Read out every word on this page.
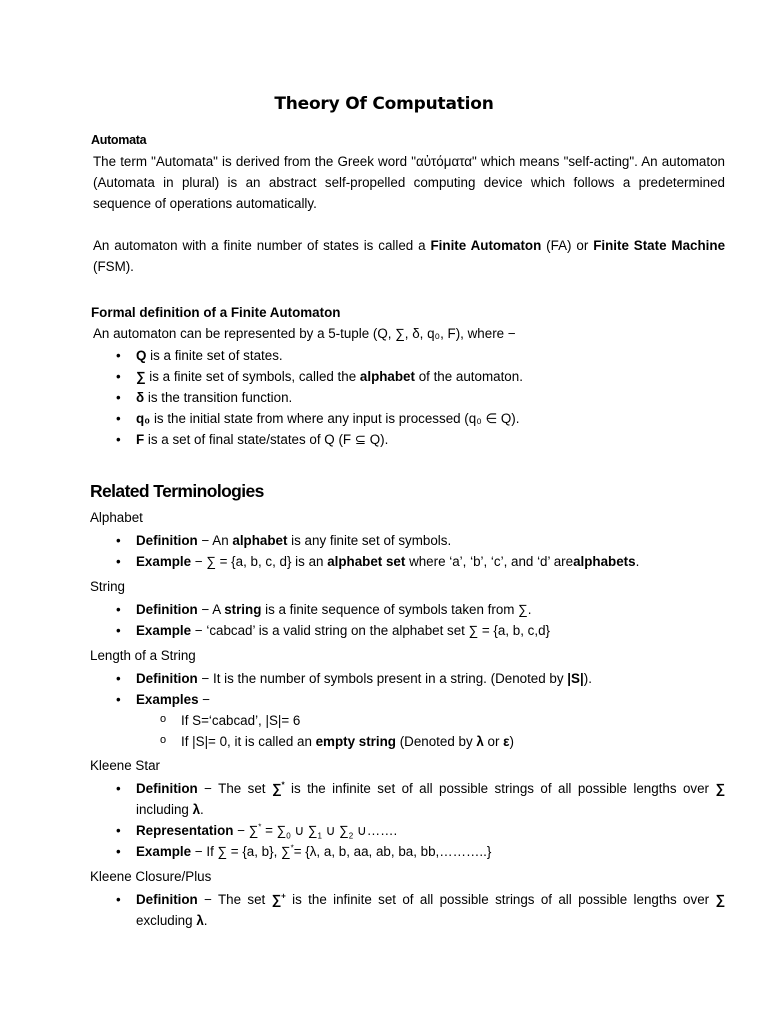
Theory Of Computation
Automata
The term "Automata" is derived from the Greek word "αὐτόματα" which means "self-acting". An automaton (Automata in plural) is an abstract self-propelled computing device which follows a predetermined sequence of operations automatically.
An automaton with a finite number of states is called a Finite Automaton (FA) or Finite State Machine (FSM).
Formal definition of a Finite Automaton
An automaton can be represented by a 5-tuple (Q, ∑, δ, q₀, F), where −
• Q is a finite set of states.
• ∑ is a finite set of symbols, called the alphabet of the automaton.
• δ is the transition function.
• q₀ is the initial state from where any input is processed (q₀ ∈ Q).
• F is a set of final state/states of Q (F ⊆ Q).
Related Terminologies
Alphabet
• Definition − An alphabet is any finite set of symbols.
• Example − ∑ = {a, b, c, d} is an alphabet set where ‘a’, ‘b’, ‘c’, and ‘d’ arealphabets.
String
• Definition − A string is a finite sequence of symbols taken from ∑.
• Example − ‘cabcad’ is a valid string on the alphabet set ∑ = {a, b, c,d}
Length of a String
• Definition − It is the number of symbols present in a string. (Denoted by |S|).
• Examples −
o If S=‘cabcad’, |S|= 6
o If |S|= 0, it is called an empty string (Denoted by λ or ε)
Kleene Star
• Definition − The set ∑* is the infinite set of all possible strings of all possible lengths over ∑ including λ.
• Representation − $\sum^* = \sum_0$ ∪ $\sum_1$ ∪ $\sum_2$ ∪…….
• Example − If ∑ = {a, b}, ∑*= {λ, a, b, aa, ab, ba, bb,………..}
Kleene Closure/Plus
• Definition − The set ∑+ is the infinite set of all possible strings of all possible lengths over ∑ excluding λ.
